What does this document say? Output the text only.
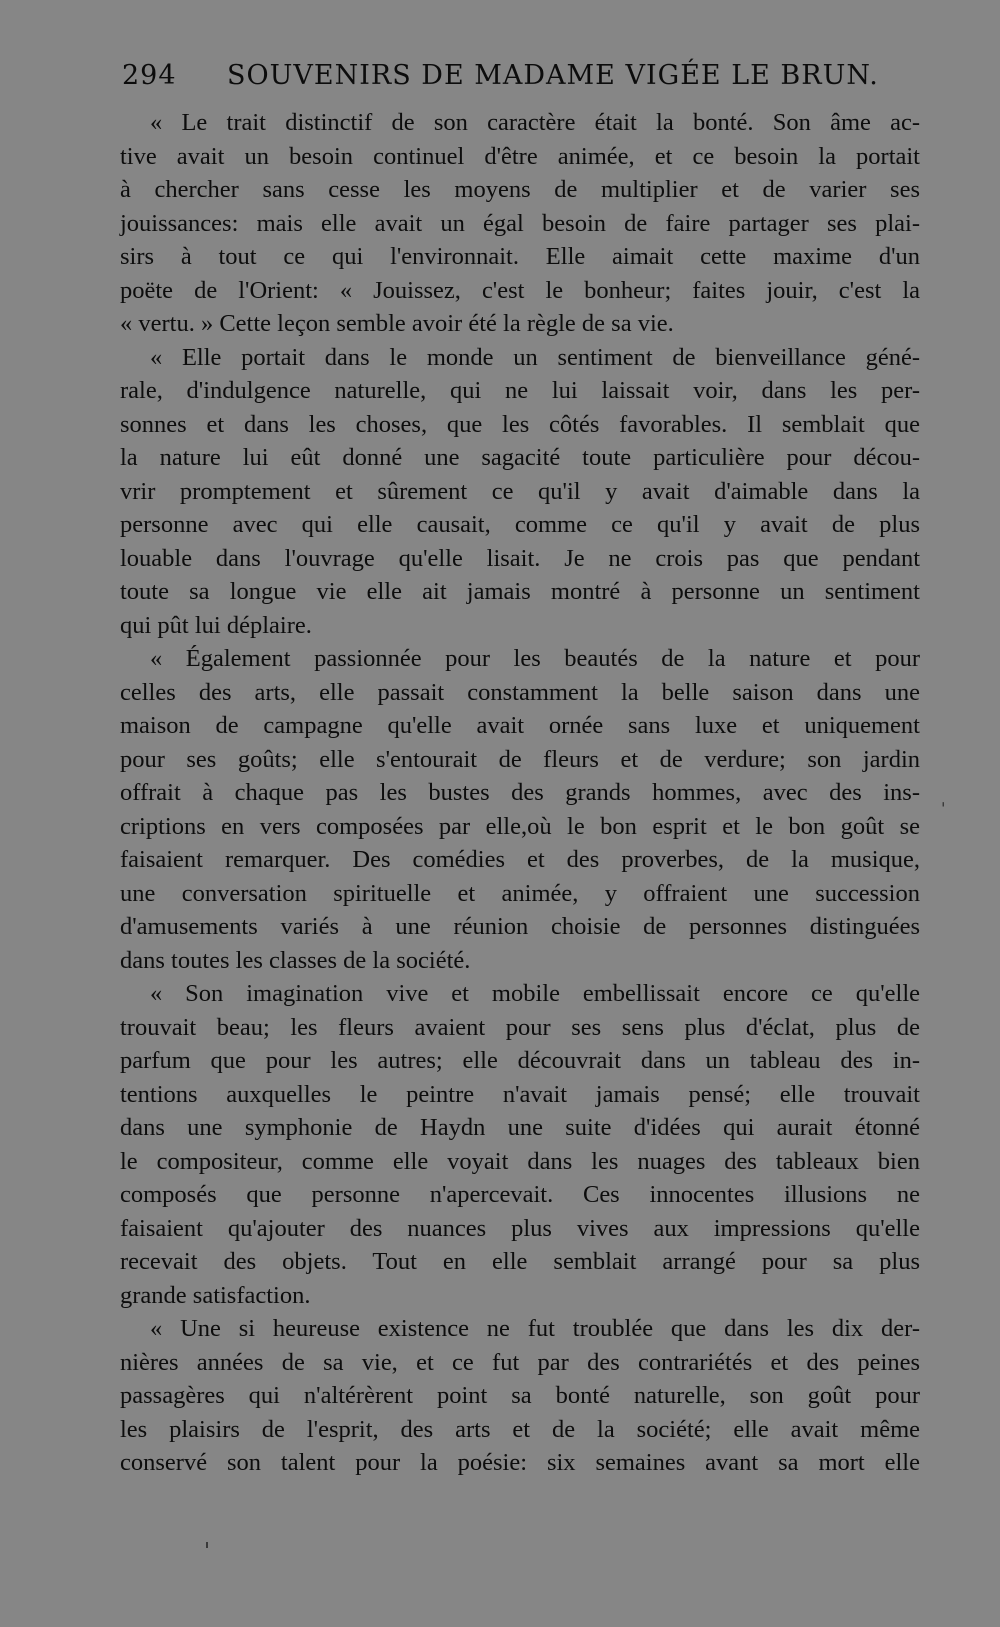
294 SOUVENIRS DE MADAME VIGÉE LE BRUN.
« Le trait distinctif de son caractère était la bonté. Son âme ac-
tive avait un besoin continuel d'être animée, et ce besoin la portait
à chercher sans cesse les moyens de multiplier et de varier ses
jouissances: mais elle avait un égal besoin de faire partager ses plai-
sirs à tout ce qui l'environnait. Elle aimait cette maxime d'un
poëte de l'Orient: « Jouissez, c'est le bonheur; faites jouir, c'est la
« vertu. » Cette leçon semble avoir été la règle de sa vie.
« Elle portait dans le monde un sentiment de bienveillance géné-
rale, d'indulgence naturelle, qui ne lui laissait voir, dans les per-
sonnes et dans les choses, que les côtés favorables. Il semblait que
la nature lui eût donné une sagacité toute particulière pour décou-
vrir promptement et sûrement ce qu'il y avait d'aimable dans la
personne avec qui elle causait, comme ce qu'il y avait de plus
louable dans l'ouvrage qu'elle lisait. Je ne crois pas que pendant
toute sa longue vie elle ait jamais montré à personne un sentiment
qui pût lui déplaire.
« Également passionnée pour les beautés de la nature et pour
celles des arts, elle passait constamment la belle saison dans une
maison de campagne qu'elle avait ornée sans luxe et uniquement
pour ses goûts; elle s'entourait de fleurs et de verdure; son jardin
offrait à chaque pas les bustes des grands hommes, avec des ins-
criptions en vers composées par elle,où le bon esprit et le bon goût se
faisaient remarquer. Des comédies et des proverbes, de la musique,
une conversation spirituelle et animée, y offraient une succession
d'amusements variés à une réunion choisie de personnes distinguées
dans toutes les classes de la société.
« Son imagination vive et mobile embellissait encore ce qu'elle
trouvait beau; les fleurs avaient pour ses sens plus d'éclat, plus de
parfum que pour les autres; elle découvrait dans un tableau des in-
tentions auxquelles le peintre n'avait jamais pensé; elle trouvait
dans une symphonie de Haydn une suite d'idées qui aurait étonné
le compositeur, comme elle voyait dans les nuages des tableaux bien
composés que personne n'apercevait. Ces innocentes illusions ne
faisaient qu'ajouter des nuances plus vives aux impressions qu'elle
recevait des objets. Tout en elle semblait arrangé pour sa plus
grande satisfaction.
« Une si heureuse existence ne fut troublée que dans les dix der-
nières années de sa vie, et ce fut par des contrariétés et des peines
passagères qui n'altérèrent point sa bonté naturelle, son goût pour
les plaisirs de l'esprit, des arts et de la société; elle avait même
conservé son talent pour la poésie: six semaines avant sa mort elle
ˌ
